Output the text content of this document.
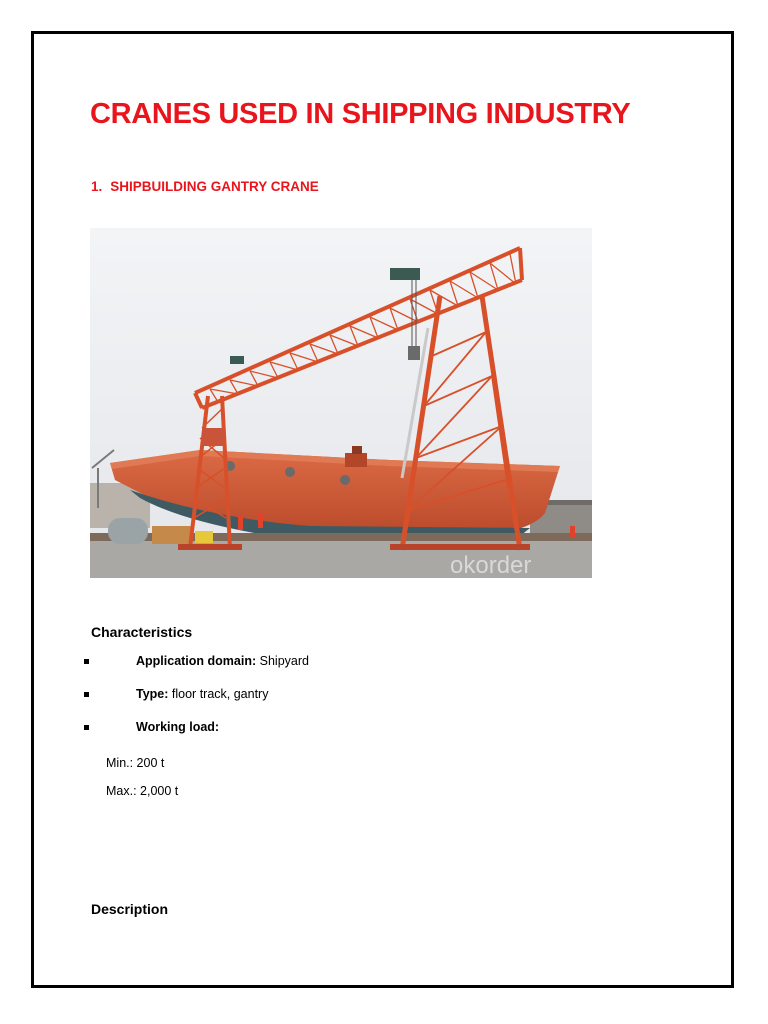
CRANES USED IN SHIPPING INDUSTRY
1. SHIPBUILDING GANTRY CRANE
okorder
Characteristics
Application domain: Shipyard
Type: floor track, gantry
Working load:
Min.: 200 t
Max.: 2,000 t
Description
